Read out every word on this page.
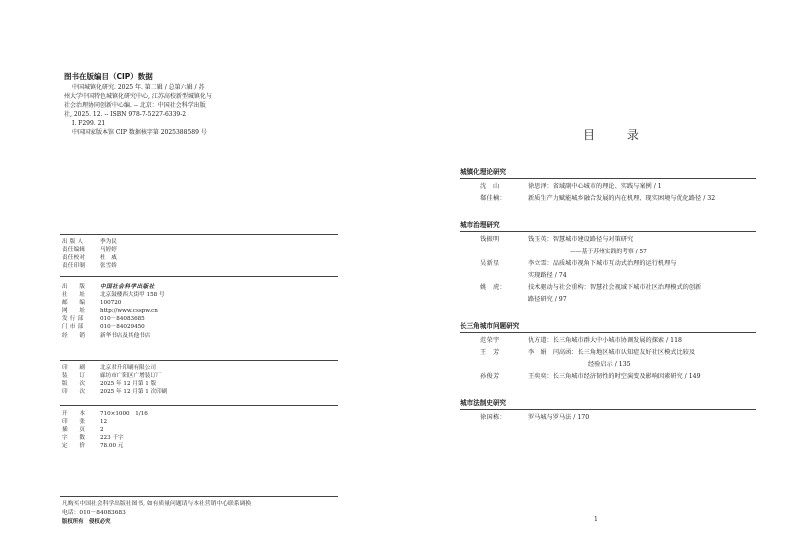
图书在版编目（CIP）数据
中国城镇化研究. 2025 年. 第二辑 / 总第六辑 / 苏
州大学中国特色城镇化研究中心, 江苏高校新型城镇化与
社会治理协同创新中心编. -- 北京：中国社会科学出版
社, 2025. 12. -- ISBN 978-7-5227-6339-2
Ⅰ. F299. 21
中国国家版本馆 CIP 数据核字第 2025388589 号
出 版 人	季为民
责任编辑	马婷婷
责任校对	杜　威
责任印制	张雪娇
出　　版	中国社会科学出版社
社　　址	北京鼓楼西大街甲 158 号
邮　　编	100720
网　　址	http://www.csspw.cn
发 行 部	010－84083685
门 市 部	010－84029450
经　　销	新华书店及其他书店
印　　刷	北京君升印刷有限公司
装　　订	廊坊市广阳区广增装订厂
版　　次	2025 年 12 月第 1 版
印　　次	2025 年 12 月第 1 次印刷
开　　本	710×1000　1/16
印　　张	12
插　　页	2
字　　数	223 千字
定　　价	78.00 元
凡购买中国社会科学出版社图书, 如有质量问题请与本社营销中心联系调换
电话：010－84083683
版权所有　侵权必究
目 录
城镇化理论研究
沈　山	徐思泽：省域副中心城市的理论、实践与案例 / 1
郗佳楠：	新质生产力赋能城乡融合发展的内在机理、现实困境与优化路径 / 32
城市治理研究
钱振明	钱玉英：智慧城市建设路径与对策研究
——基于苏州实践的考察 / 57
吴新星	李立雪：品质城市视角下城市互动式治理的运行机理与
实现路径 / 74
姚　虎：	技术驱动与社会重构：智慧社会视域下城市社区治理模式的创新
路径研究 / 97
长三角城市问题研究
范荣宇	仇方道：长三角城市群大中小城市协调发展的探索 / 118
王　芳	李　娟　闫高函：长三角地区城市认知症友好社区模式比较及
经验启示 / 135
孙俊芳	王奕奕：长三角城市经济韧性的时空演变及影响因素研究 / 149
城市法制史研究
徐国栋：	罗马城与罗马法 / 170
1
